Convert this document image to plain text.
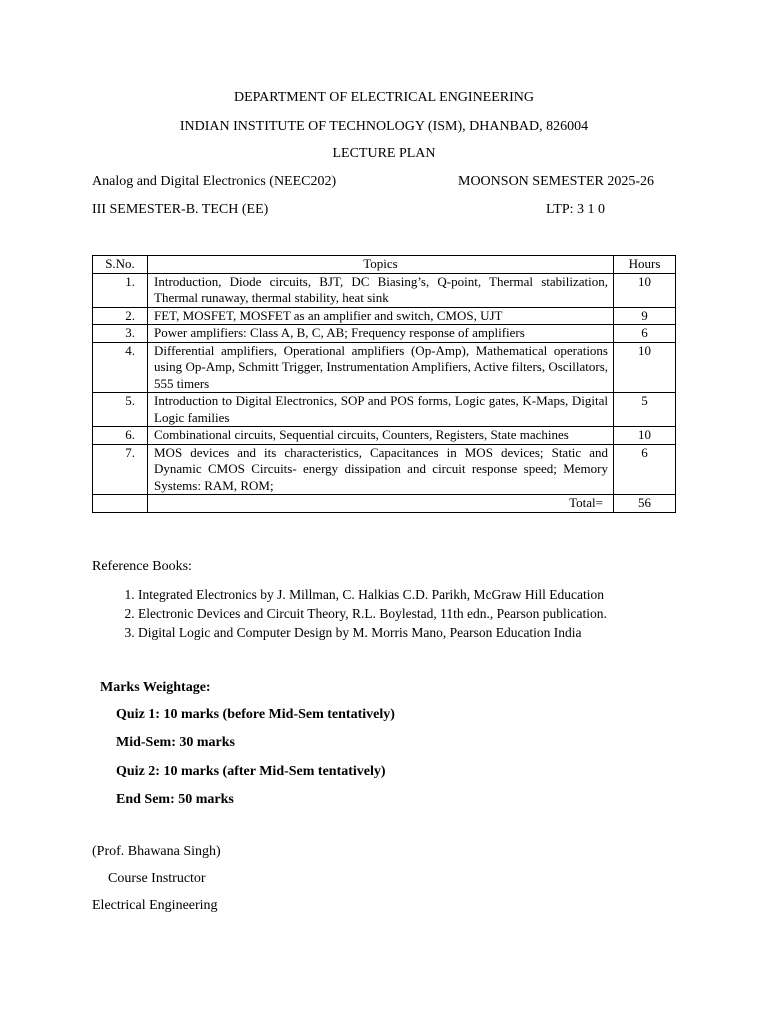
DEPARTMENT OF ELECTRICAL ENGINEERING
INDIAN INSTITUTE OF TECHNOLOGY (ISM), DHANBAD, 826004
LECTURE PLAN
Analog and Digital Electronics (NEEC202)	MOONSON SEMESTER 2025-26
III SEMESTER-B. TECH (EE)	LTP: 3 1 0
S.No.	Topics	Hours
1.	Introduction, Diode circuits, BJT, DC Biasing’s, Q-point, Thermal stabilization, Thermal runaway, thermal stability, heat sink	10
2.	FET, MOSFET, MOSFET as an amplifier and switch, CMOS, UJT	9
3.	Power amplifiers: Class A, B, C, AB; Frequency response of amplifiers	6
4.	Differential amplifiers, Operational amplifiers (Op-Amp), Mathematical operations using Op-Amp, Schmitt Trigger, Instrumentation Amplifiers, Active filters, Oscillators, 555 timers	10
5.	Introduction to Digital Electronics, SOP and POS forms, Logic gates, K-Maps, Digital Logic families	5
6.	Combinational circuits, Sequential circuits, Counters, Registers, State machines	10
7.	MOS devices and its characteristics, Capacitances in MOS devices; Static and Dynamic CMOS Circuits- energy dissipation and circuit response speed; Memory Systems: RAM, ROM;	6
	Total=	56
Reference Books:
1. Integrated Electronics by J. Millman, C. Halkias C.D. Parikh, McGraw Hill Education
2. Electronic Devices and Circuit Theory, R.L. Boylestad, 11th edn., Pearson publication.
3. Digital Logic and Computer Design by M. Morris Mano, Pearson Education India
Marks Weightage:
Quiz 1: 10 marks (before Mid-Sem tentatively)
Mid-Sem: 30 marks
Quiz 2: 10 marks (after Mid-Sem tentatively)
End Sem: 50 marks
(Prof. Bhawana Singh)
Course Instructor
Electrical Engineering
